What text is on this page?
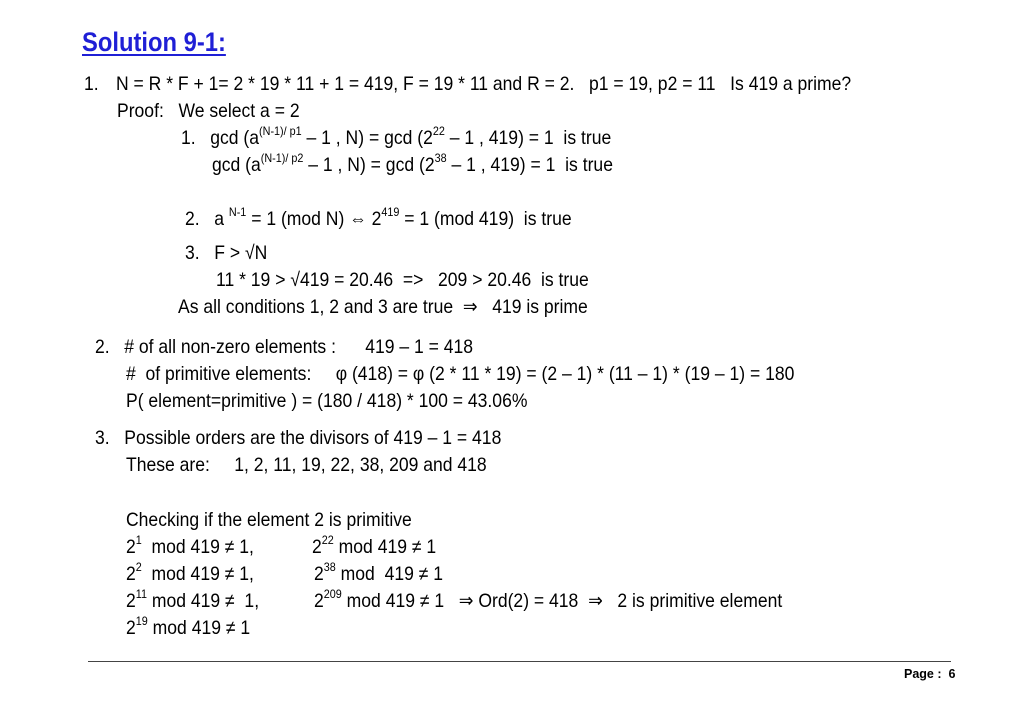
Solution 9-1:
1. N = R * F + 1= 2 * 19 * 11 + 1 = 419, F = 19 * 11 and R = 2.   p1 = 19, p2 = 11   Is 419 a prime?
Proof:   We select a = 2
1.   $\gcd (a^{(N-1)/ p1} - 1$ , $N) = \gcd (2^{22} - 1$ , 419) = 1  is true
$\gcd (a^{(N-1)/ p2} - 1$ , $N) = \gcd (2^{38} - 1$ , 419) = 1  is true
2.   a $^{N-1}$ = 1 (mod N) ⇔ $2^{419} = 1$ (mod 419)  is true
3.   F > √N
11 * 19 > √419 = 20.46  =>   209 > 20.46  is true
As all conditions 1, 2 and 3 are true  ⇒   419 is prime
2.   # of all non-zero elements :      419 – 1 = 418
#  of primitive elements:     φ (418) = φ (2 * 11 * 19) = (2 – 1) * (11 – 1) * (19 – 1) = 180
P( element=primitive ) = (180 / 418) * 100 = 43.06%
3.   Possible orders are the divisors of 419 – 1 = 418
These are:     1, 2, 11, 19, 22, 38, 209 and 418
Checking if the element 2 is primitive
$2^1$  mod 419 ≠ 1,	$2^{22}$ mod 419 ≠ 1
$2^2$  mod 419 ≠ 1,	$2^{38}$ mod  419 ≠ 1
$2^{11}$ mod 419 ≠  1,	$2^{209}$ mod 419 ≠ 1   ⇒ Ord(2) = 418  ⇒   2 is primitive element
$2^{19}$ mod 419 ≠ 1
Page : 6
